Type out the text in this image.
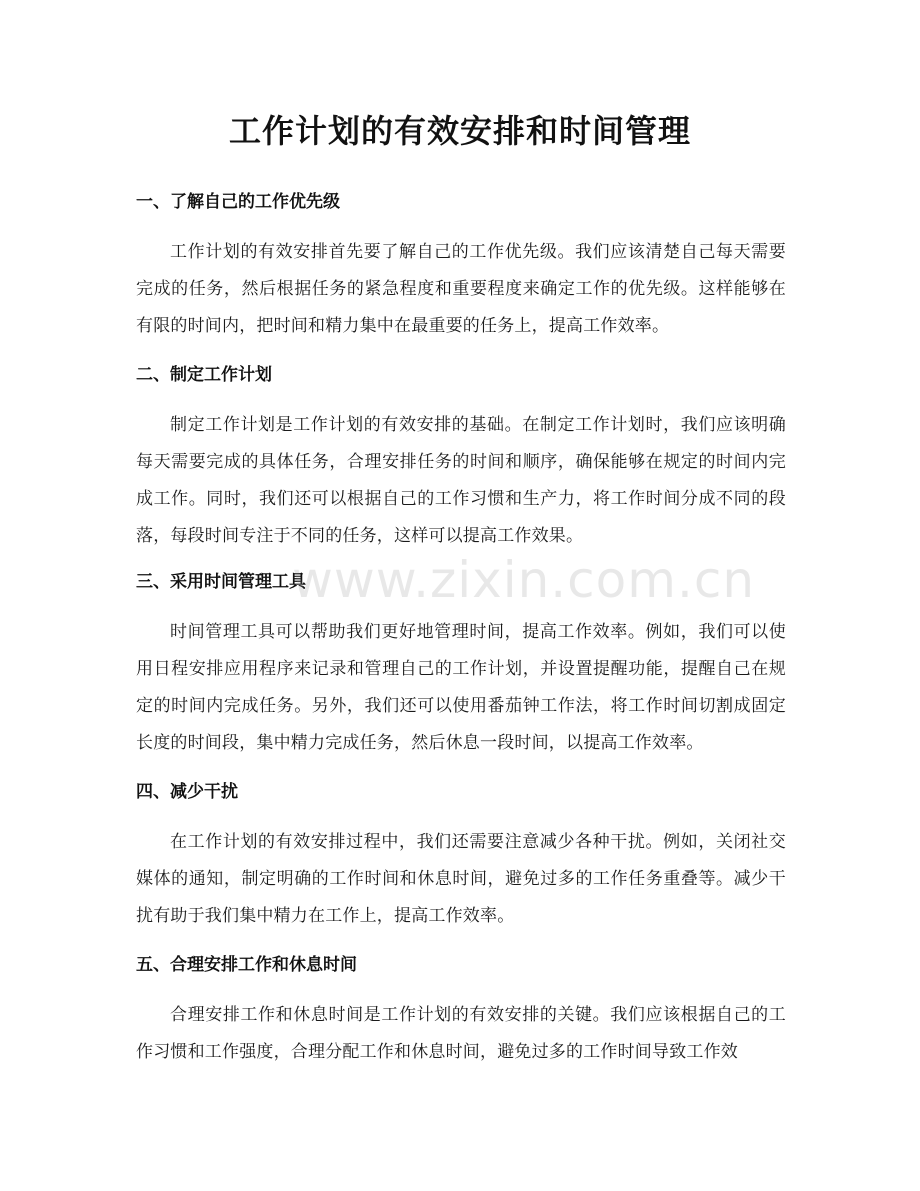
工作计划的有效安排和时间管理
一、了解自己的工作优先级

工作计划的有效安排首先要了解自己的工作优先级。我们应该清楚自己每天需要完成的任务，然后根据任务的紧急程度和重要程度来确定工作的优先级。这样能够在有限的时间内，把时间和精力集中在最重要的任务上，提高工作效率。

二、制定工作计划

制定工作计划是工作计划的有效安排的基础。在制定工作计划时，我们应该明确每天需要完成的具体任务，合理安排任务的时间和顺序，确保能够在规定的时间内完成工作。同时，我们还可以根据自己的工作习惯和生产力，将工作时间分成不同的段落，每段时间专注于不同的任务，这样可以提高工作效果。

三、采用时间管理工具

时间管理工具可以帮助我们更好地管理时间，提高工作效率。例如，我们可以使用日程安排应用程序来记录和管理自己的工作计划，并设置提醒功能，提醒自己在规定的时间内完成任务。另外，我们还可以使用番茄钟工作法，将工作时间切割成固定长度的时间段，集中精力完成任务，然后休息一段时间，以提高工作效率。

四、减少干扰

在工作计划的有效安排过程中，我们还需要注意减少各种干扰。例如，关闭社交媒体的通知，制定明确的工作时间和休息时间，避免过多的工作任务重叠等。减少干扰有助于我们集中精力在工作上，提高工作效率。

五、合理安排工作和休息时间

合理安排工作和休息时间是工作计划的有效安排的关键。我们应该根据自己的工作习惯和工作强度，合理分配工作和休息时间，避免过多的工作时间导致工作效

www.zixin.com.cn
